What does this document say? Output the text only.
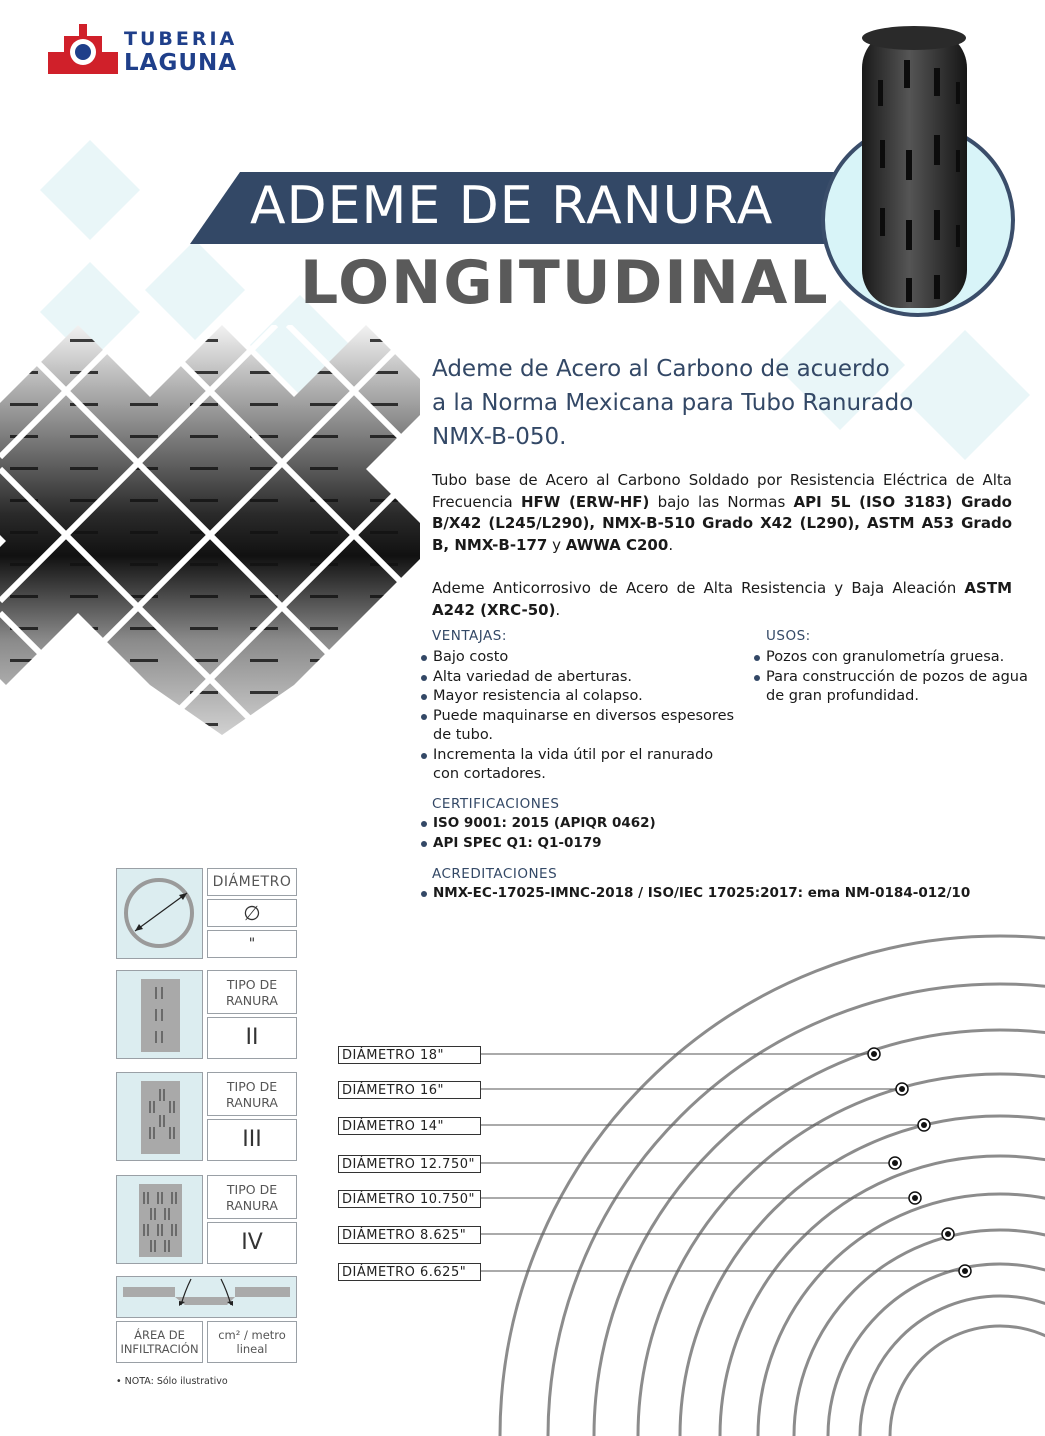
TUBERIA
LAGUNA
ADEME DE RANURA
LONGITUDINAL
Ademe de Acero al Carbono de acuerdo
a la Norma Mexicana para Tubo Ranurado
NMX-B-050.
Tubo base de Acero al Carbono Soldado por Resistencia Eléctrica de Alta Frecuencia HFW (ERW-HF) bajo las Normas API 5L (ISO 3183) Grado B/X42 (L245/L290), NMX-B-510 Grado X42 (L290), ASTM A53 Grado B, NMX-B-177 y AWWA C200.
Ademe Anticorrosivo de Acero de Alta Resistencia y Baja Aleación ASTM A242 (XRC-50).
VENTAJAS:
Bajo costo
Alta variedad de aberturas.
Mayor resistencia al colapso.
Puede maquinarse en diversos espesores de tubo.
Incrementa la vida útil por el ranurado con cortadores.
USOS:
Pozos con granulometría gruesa.
Para construcción de pozos de agua de gran profundidad.
CERTIFICACIONES
ISO 9001: 2015 (APIQR 0462)
API SPEC Q1: Q1-0179
ACREDITACIONES
NMX-EC-17025-IMNC-2018 / ISO/IEC 17025:2017: ema NM-0184-012/10
DIÁMETRO
∅
"
TIPO DE RANURA
II
TIPO DE RANURA
III
TIPO DE RANURA
IV
ÁREA DE INFILTRACIÓN
cm² / metro lineal
• NOTA: Sólo ilustrativo
DIÁMETRO 18"
DIÁMETRO 16"
DIÁMETRO 14"
DIÁMETRO 12.750"
DIÁMETRO 10.750"
DIÁMETRO 8.625"
DIÁMETRO 6.625"
